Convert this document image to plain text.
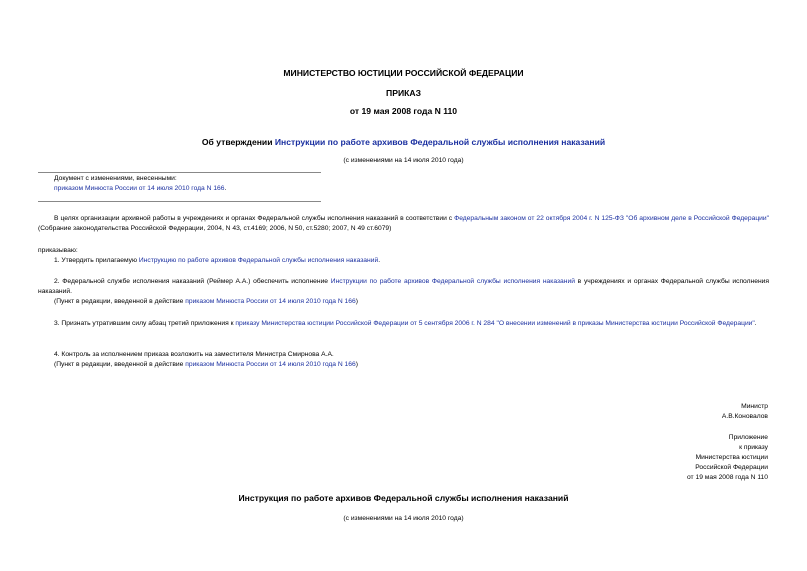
МИНИСТЕРСТВО ЮСТИЦИИ РОССИЙСКОЙ ФЕДЕРАЦИИ
ПРИКАЗ
от 19 мая 2008 года N 110
Об утверждении Инструкции по работе архивов Федеральной службы исполнения наказаний
(с изменениями на 14 июля 2010 года)
Документ с изменениями, внесенными:
приказом Минюста России от 14 июля 2010 года N 166.
В целях организации архивной работы в учреждениях и органах Федеральной службы исполнения наказаний в соответствии с Федеральным законом от 22 октября 2004 г. N 125-ФЗ "Об архивном деле в Российской Федерации" (Собрание законодательства Российской Федерации, 2004, N 43, ст.4169; 2006, N 50, ст.5280; 2007, N 49 ст.6079)
приказываю:
1. Утвердить прилагаемую Инструкцию по работе архивов Федеральной службы исполнения наказаний.
2. Федеральной службе исполнения наказаний (Реймер А.А.) обеспечить исполнение Инструкции по работе архивов Федеральной службы исполнения наказаний в учреждениях и органах Федеральной службы исполнения наказаний.
(Пункт в редакции, введенной в действие приказом Минюста России от 14 июля 2010 года N 166)
3. Признать утратившим силу абзац третий приложения к приказу Министерства юстиции Российской Федерации от 5 сентября 2006 г. N 284 "О внесении изменений в приказы Министерства юстиции Российской Федерации".
4. Контроль за исполнением приказа возложить на заместителя Министра Смирнова А.А.
(Пункт в редакции, введенной в действие приказом Минюста России от 14 июля 2010 года N 166)
Министр
А.В.Коновалов
Приложение
к приказу
Министерства юстиции
Российской Федерации
от 19 мая 2008 года N 110
Инструкция по работе архивов Федеральной службы исполнения наказаний
(с изменениями на 14 июля 2010 года)
